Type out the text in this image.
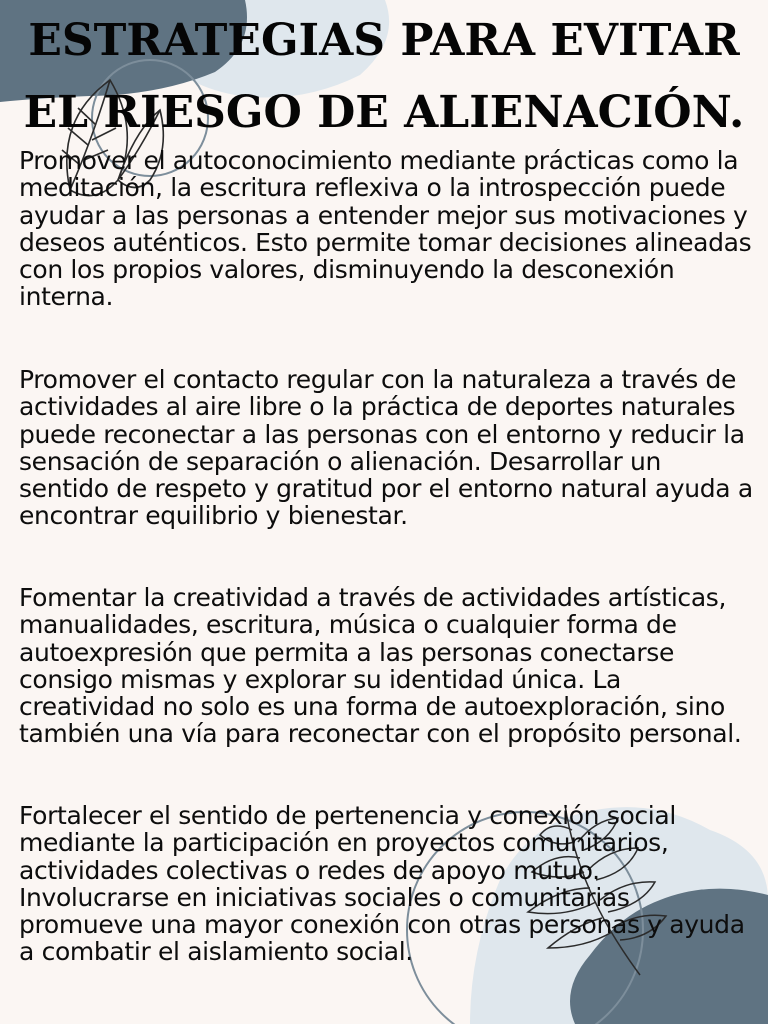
ESTRATEGIAS PARA EVITAR
EL RIESGO DE ALIENACIÓN.

Promover el autoconocimiento mediante prácticas como la meditación, la escritura reflexiva o la introspección puede ayudar a las personas a entender mejor sus motivaciones y deseos auténticos. Esto permite tomar decisiones alineadas con los propios valores, disminuyendo la desconexión interna.

Promover el contacto regular con la naturaleza a través de actividades al aire libre o la práctica de deportes naturales puede reconectar a las personas con el entorno y reducir la sensación de separación o alienación. Desarrollar un sentido de respeto y gratitud por el entorno natural ayuda a encontrar equilibrio y bienestar.

Fomentar la creatividad a través de actividades artísticas, manualidades, escritura, música o cualquier forma de autoexpresión que permita a las personas conectarse consigo mismas y explorar su identidad única. La creatividad no solo es una forma de autoexploración, sino también una vía para reconectar con el propósito personal.

Fortalecer el sentido de pertenencia y conexión social mediante la participación en proyectos comunitarios, actividades colectivas o redes de apoyo mutuo. Involucrarse en iniciativas sociales o comunitarias promueve una mayor conexión con otras personas y ayuda a combatir el aislamiento social.
